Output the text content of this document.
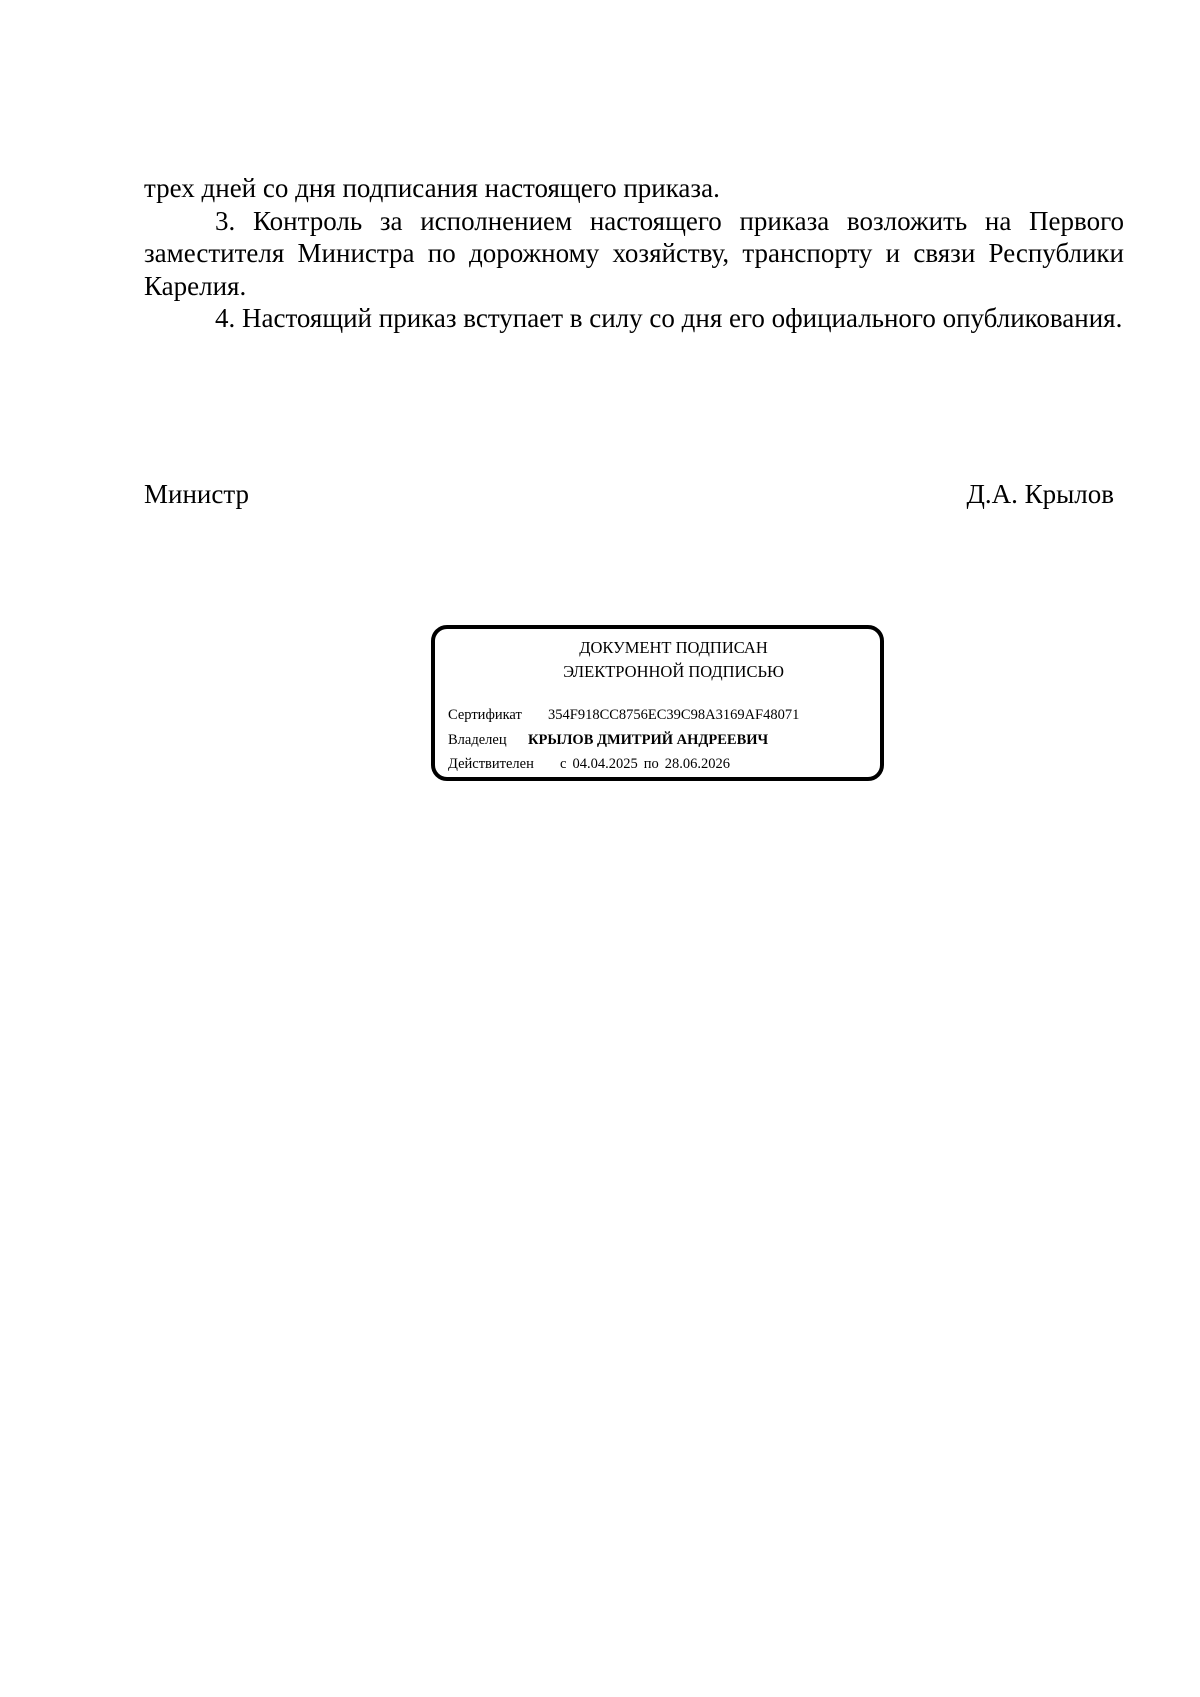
трех дней со дня подписания настоящего приказа.

3. Контроль за исполнением настоящего приказа возложить на Первого заместителя Министра по дорожному хозяйству, транспорту и связи Республики Карелия.

4. Настоящий приказ вступает в силу со дня его официального опубликования.

Министр	Д.А. Крылов
ДОКУМЕНТ ПОДПИСАН
ЭЛЕКТРОННОЙ ПОДПИСЬЮ
Сертификат 354F918CC8756EC39C98A3169AF48071
Владелец КРЫЛОВ ДМИТРИЙ АНДРЕЕВИЧ
Действителен с 04.04.2025 по 28.06.2026
